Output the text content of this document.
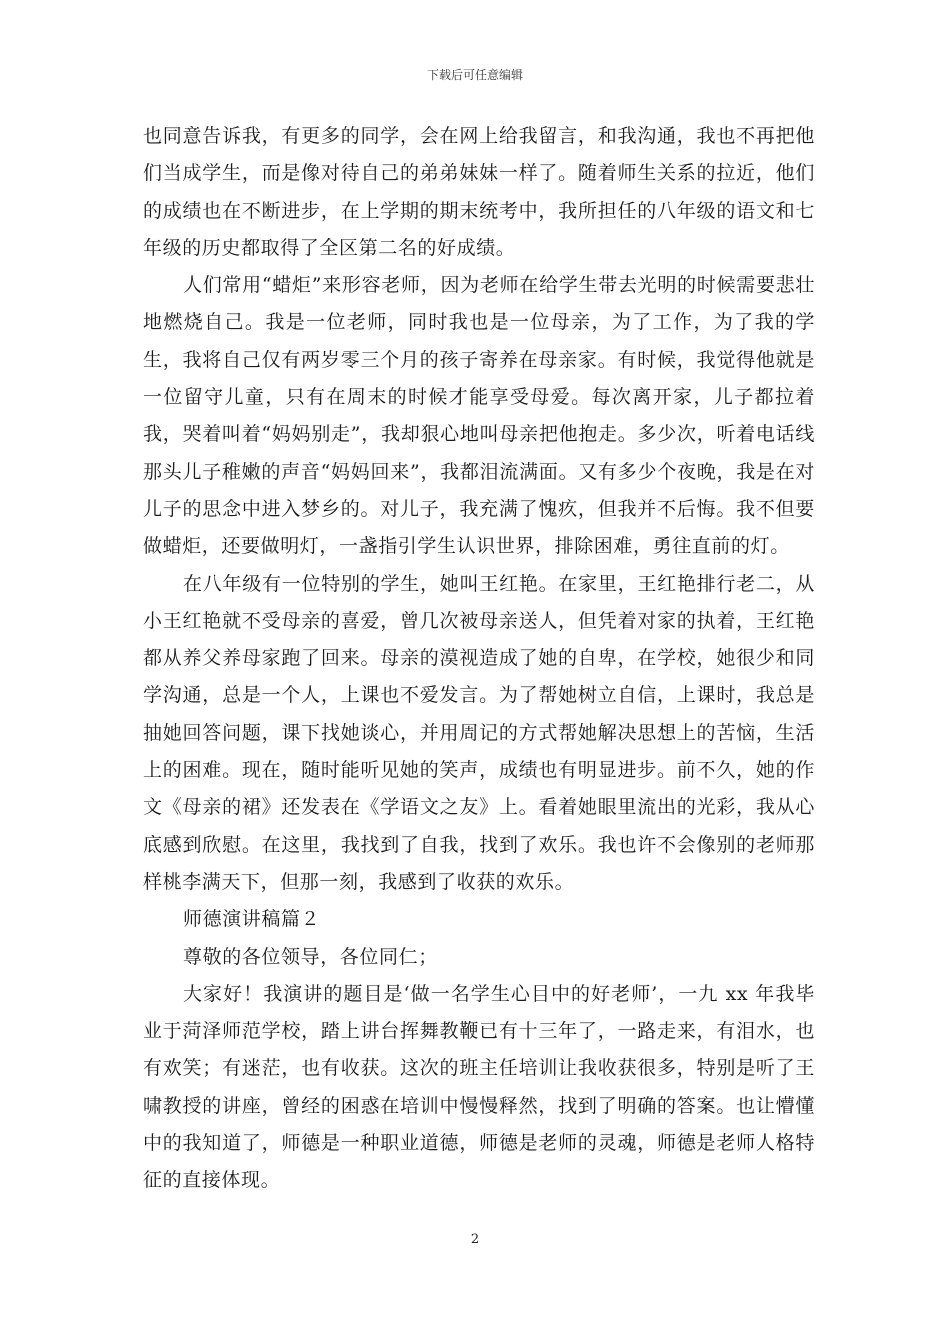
下载后可任意编辑

也同意告诉我，有更多的同学，会在网上给我留言，和我沟通，我也不再把他们当成学生，而是像对待自己的弟弟妹妹一样了。随着师生关系的拉近，他们的成绩也在不断进步，在上学期的期末统考中，我所担任的八年级的语文和七年级的历史都取得了全区第二名的好成绩。

人们常用“蜡炬”来形容老师，因为老师在给学生带去光明的时候需要悲壮地燃烧自己。我是一位老师，同时我也是一位母亲，为了工作，为了我的学生，我将自己仅有两岁零三个月的孩子寄养在母亲家。有时候，我觉得他就是一位留守儿童，只有在周末的时候才能享受母爱。每次离开家，儿子都拉着我，哭着叫着“妈妈别走”，我却狠心地叫母亲把他抱走。多少次，听着电话线那头儿子稚嫩的声音“妈妈回来”，我都泪流满面。又有多少个夜晚，我是在对儿子的思念中进入梦乡的。对儿子，我充满了愧疚，但我并不后悔。我不但要做蜡炬，还要做明灯，一盏指引学生认识世界，排除困难，勇往直前的灯。

在八年级有一位特别的学生，她叫王红艳。在家里，王红艳排行老二，从小王红艳就不受母亲的喜爱，曾几次被母亲送人，但凭着对家的执着，王红艳都从养父养母家跑了回来。母亲的漠视造成了她的自卑，在学校，她很少和同学沟通，总是一个人，上课也不爱发言。为了帮她树立自信，上课时，我总是抽她回答问题，课下找她谈心，并用周记的方式帮她解决思想上的苦恼，生活上的困难。现在，随时能听见她的笑声，成绩也有明显进步。前不久，她的作文《母亲的裙》还发表在《学语文之友》上。看着她眼里流出的光彩，我从心底感到欣慰。在这里，我找到了自我，找到了欢乐。我也许不会像别的老师那样桃李满天下，但那一刻，我感到了收获的欢乐。

师德演讲稿篇２

尊敬的各位领导，各位同仁；

大家好！我演讲的题目是‘做一名学生心目中的好老师’，一九 xx 年我毕业于菏泽师范学校，踏上讲台挥舞教鞭已有十三年了，一路走来，有泪水，也有欢笑；有迷茫，也有收获。这次的班主任培训让我收获很多，特别是听了王啸教授的讲座，曾经的困惑在培训中慢慢释然，找到了明确的答案。也让懵懂中的我知道了，师德是一种职业道德，师德是老师的灵魂，师德是老师人格特征的直接体现。

2
